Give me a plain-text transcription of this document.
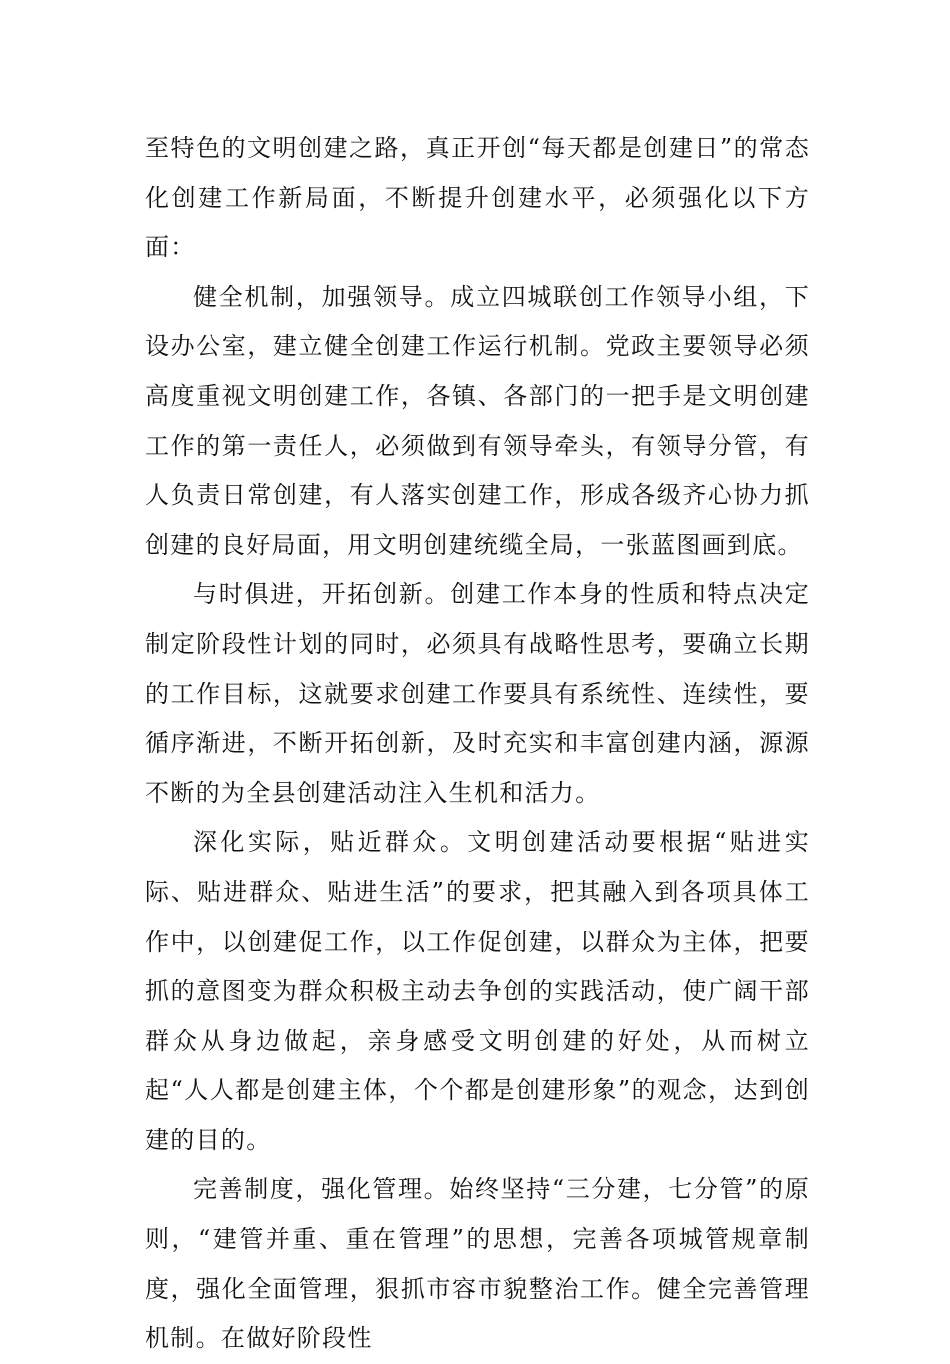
至特色的文明创建之路，真正开创“每天都是创建日”的常态化创建工作新局面，不断提升创建水平，必须强化以下方面：

健全机制，加强领导。成立四城联创工作领导小组，下设办公室，建立健全创建工作运行机制。党政主要领导必须高度重视文明创建工作，各镇、各部门的一把手是文明创建工作的第一责任人，必须做到有领导牵头，有领导分管，有人负责日常创建，有人落实创建工作，形成各级齐心协力抓创建的良好局面，用文明创建统缆全局，一张蓝图画到底。

与时俱进，开拓创新。创建工作本身的性质和特点决定制定阶段性计划的同时，必须具有战略性思考，要确立长期的工作目标，这就要求创建工作要具有系统性、连续性，要循序渐进，不断开拓创新，及时充实和丰富创建内涵，源源不断的为全县创建活动注入生机和活力。

深化实际，贴近群众。文明创建活动要根据“贴进实际、贴进群众、贴进生活”的要求，把其融入到各项具体工作中，以创建促工作，以工作促创建，以群众为主体，把要抓的意图变为群众积极主动去争创的实践活动，使广阔干部群众从身边做起，亲身感受文明创建的好处，从而树立起“人人都是创建主体，个个都是创建形象”的观念，达到创建的目的。

完善制度，强化管理。始终坚持“三分建，七分管”的原则，“建管并重、重在管理”的思想，完善各项城管规章制度，强化全面管理，狠抓市容市貌整治工作。健全完善管理机制。在做好阶段性
